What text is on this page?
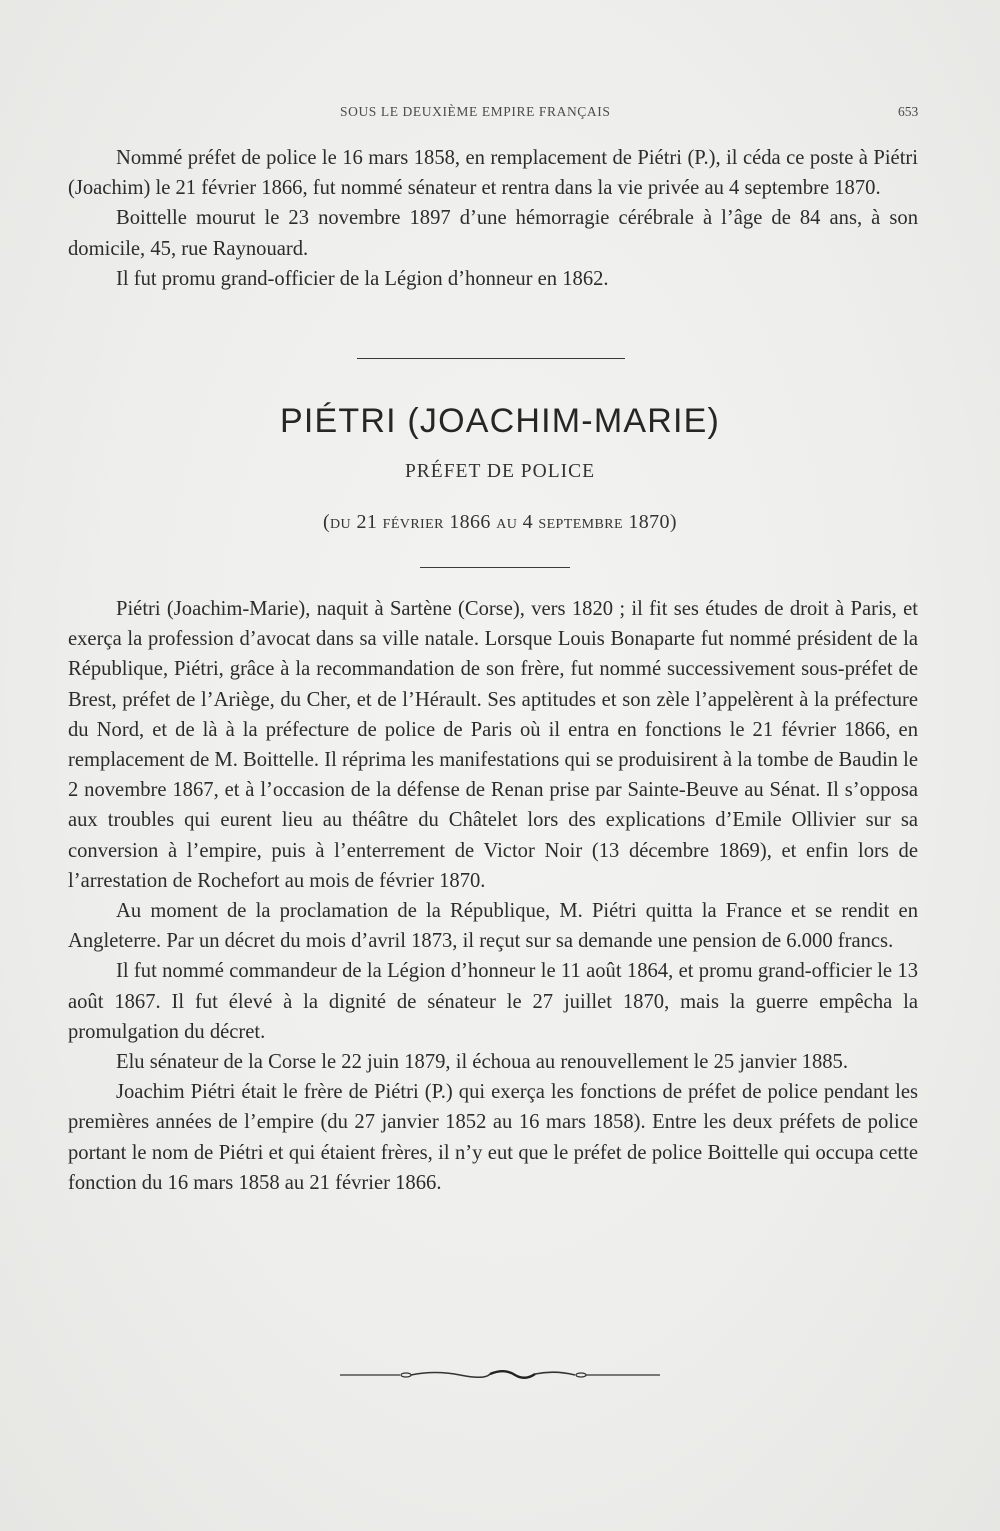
SOUS LE DEUXIÈME EMPIRE FRANÇAIS	653

Nommé préfet de police le 16 mars 1858, en remplacement de Piétri (P.), il céda ce poste à Piétri (Joachim) le 21 février 1866, fut nommé sénateur et rentra dans la vie privée au 4 septembre 1870.

Boittelle mourut le 23 novembre 1897 d’une hémorragie cérébrale à l’âge de 84 ans, à son domicile, 45, rue Raynouard.

Il fut promu grand-officier de la Légion d’honneur en 1862.

PIÉTRI (JOACHIM-MARIE)
PRÉFET DE POLICE
(du 21 février 1866 au 4 septembre 1870)

Piétri (Joachim-Marie), naquit à Sartène (Corse), vers 1820 ; il fit ses études de droit à Paris, et exerça la profession d’avocat dans sa ville natale. Lorsque Louis Bonaparte fut nommé président de la République, Piétri, grâce à la recommandation de son frère, fut nommé successivement sous-préfet de Brest, préfet de l’Ariège, du Cher, et de l’Hérault. Ses aptitudes et son zèle l’appelèrent à la préfecture du Nord, et de là à la préfecture de police de Paris où il entra en fonctions le 21 février 1866, en remplacement de M. Boittelle. Il réprima les manifestations qui se produisirent à la tombe de Baudin le 2 novembre 1867, et à l’occasion de la défense de Renan prise par Sainte-Beuve au Sénat. Il s’opposa aux troubles qui eurent lieu au théâtre du Châtelet lors des explications d’Emile Ollivier sur sa conversion à l’empire, puis à l’enterrement de Victor Noir (13 décembre 1869), et enfin lors de l’arrestation de Rochefort au mois de février 1870.

Au moment de la proclamation de la République, M. Piétri quitta la France et se rendit en Angleterre. Par un décret du mois d’avril 1873, il reçut sur sa demande une pension de 6.000 francs.

Il fut nommé commandeur de la Légion d’honneur le 11 août 1864, et promu grand-officier le 13 août 1867. Il fut élevé à la dignité de sénateur le 27 juillet 1870, mais la guerre empêcha la promulgation du décret.

Elu sénateur de la Corse le 22 juin 1879, il échoua au renouvellement le 25 janvier 1885.

Joachim Piétri était le frère de Piétri (P.) qui exerça les fonctions de préfet de police pendant les premières années de l’empire (du 27 janvier 1852 au 16 mars 1858). Entre les deux préfets de police portant le nom de Piétri et qui étaient frères, il n’y eut que le préfet de police Boittelle qui occupa cette fonction du 16 mars 1858 au 21 février 1866.
